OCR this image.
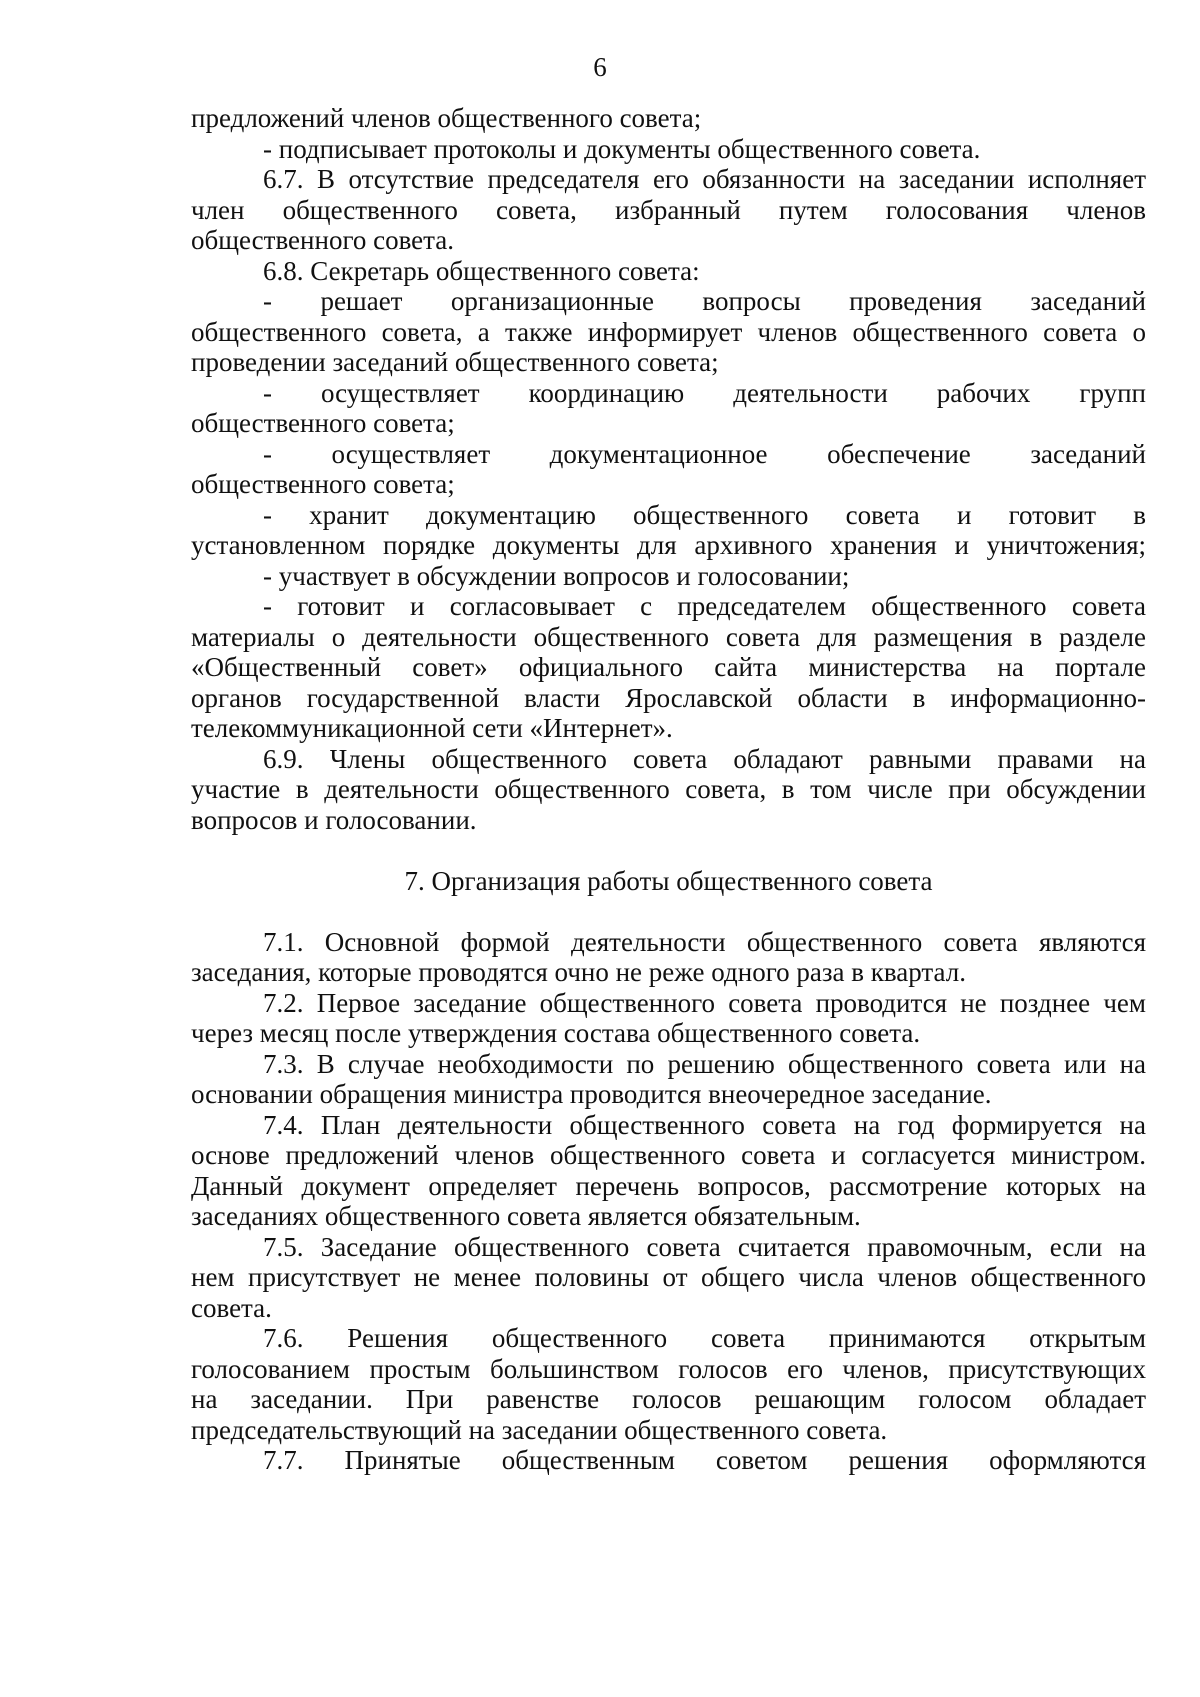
6
предложений членов общественного совета;
- подписывает протоколы и документы общественного совета.
6.7. В отсутствие председателя его обязанности на заседании исполняет
член общественного совета, избранный путем голосования членов
общественного совета.
6.8. Секретарь общественного совета:
- решает организационные вопросы проведения заседаний
общественного совета, а также информирует членов общественного совета о
проведении заседаний общественного совета;
- осуществляет координацию деятельности рабочих групп
общественного совета;
- осуществляет документационное обеспечение заседаний
общественного совета;
- хранит документацию общественного совета и готовит в
установленном порядке документы для архивного хранения и уничтожения;
- участвует в обсуждении вопросов и голосовании;
- готовит и согласовывает с председателем общественного совета
материалы о деятельности общественного совета для размещения в разделе
«Общественный совет» официального сайта министерства на портале
органов государственной власти Ярославской области в информационно-
телекоммуникационной сети «Интернет».
6.9. Члены общественного совета обладают равными правами на
участие в деятельности общественного совета, в том числе при обсуждении
вопросов и голосовании.
7. Организация работы общественного совета
7.1. Основной формой деятельности общественного совета являются
заседания, которые проводятся очно не реже одного раза в квартал.
7.2. Первое заседание общественного совета проводится не позднее чем
через месяц после утверждения состава общественного совета.
7.3. В случае необходимости по решению общественного совета или на
основании обращения министра проводится внеочередное заседание.
7.4. План деятельности общественного совета на год формируется на
основе предложений членов общественного совета и согласуется министром.
Данный документ определяет перечень вопросов, рассмотрение которых на
заседаниях общественного совета является обязательным.
7.5. Заседание общественного совета считается правомочным, если на
нем присутствует не менее половины от общего числа членов общественного
совета.
7.6. Решения общественного совета принимаются открытым
голосованием простым большинством голосов его членов, присутствующих
на заседании. При равенстве голосов решающим голосом обладает
председательствующий на заседании общественного совета.
7.7. Принятые общественным советом решения оформляются
